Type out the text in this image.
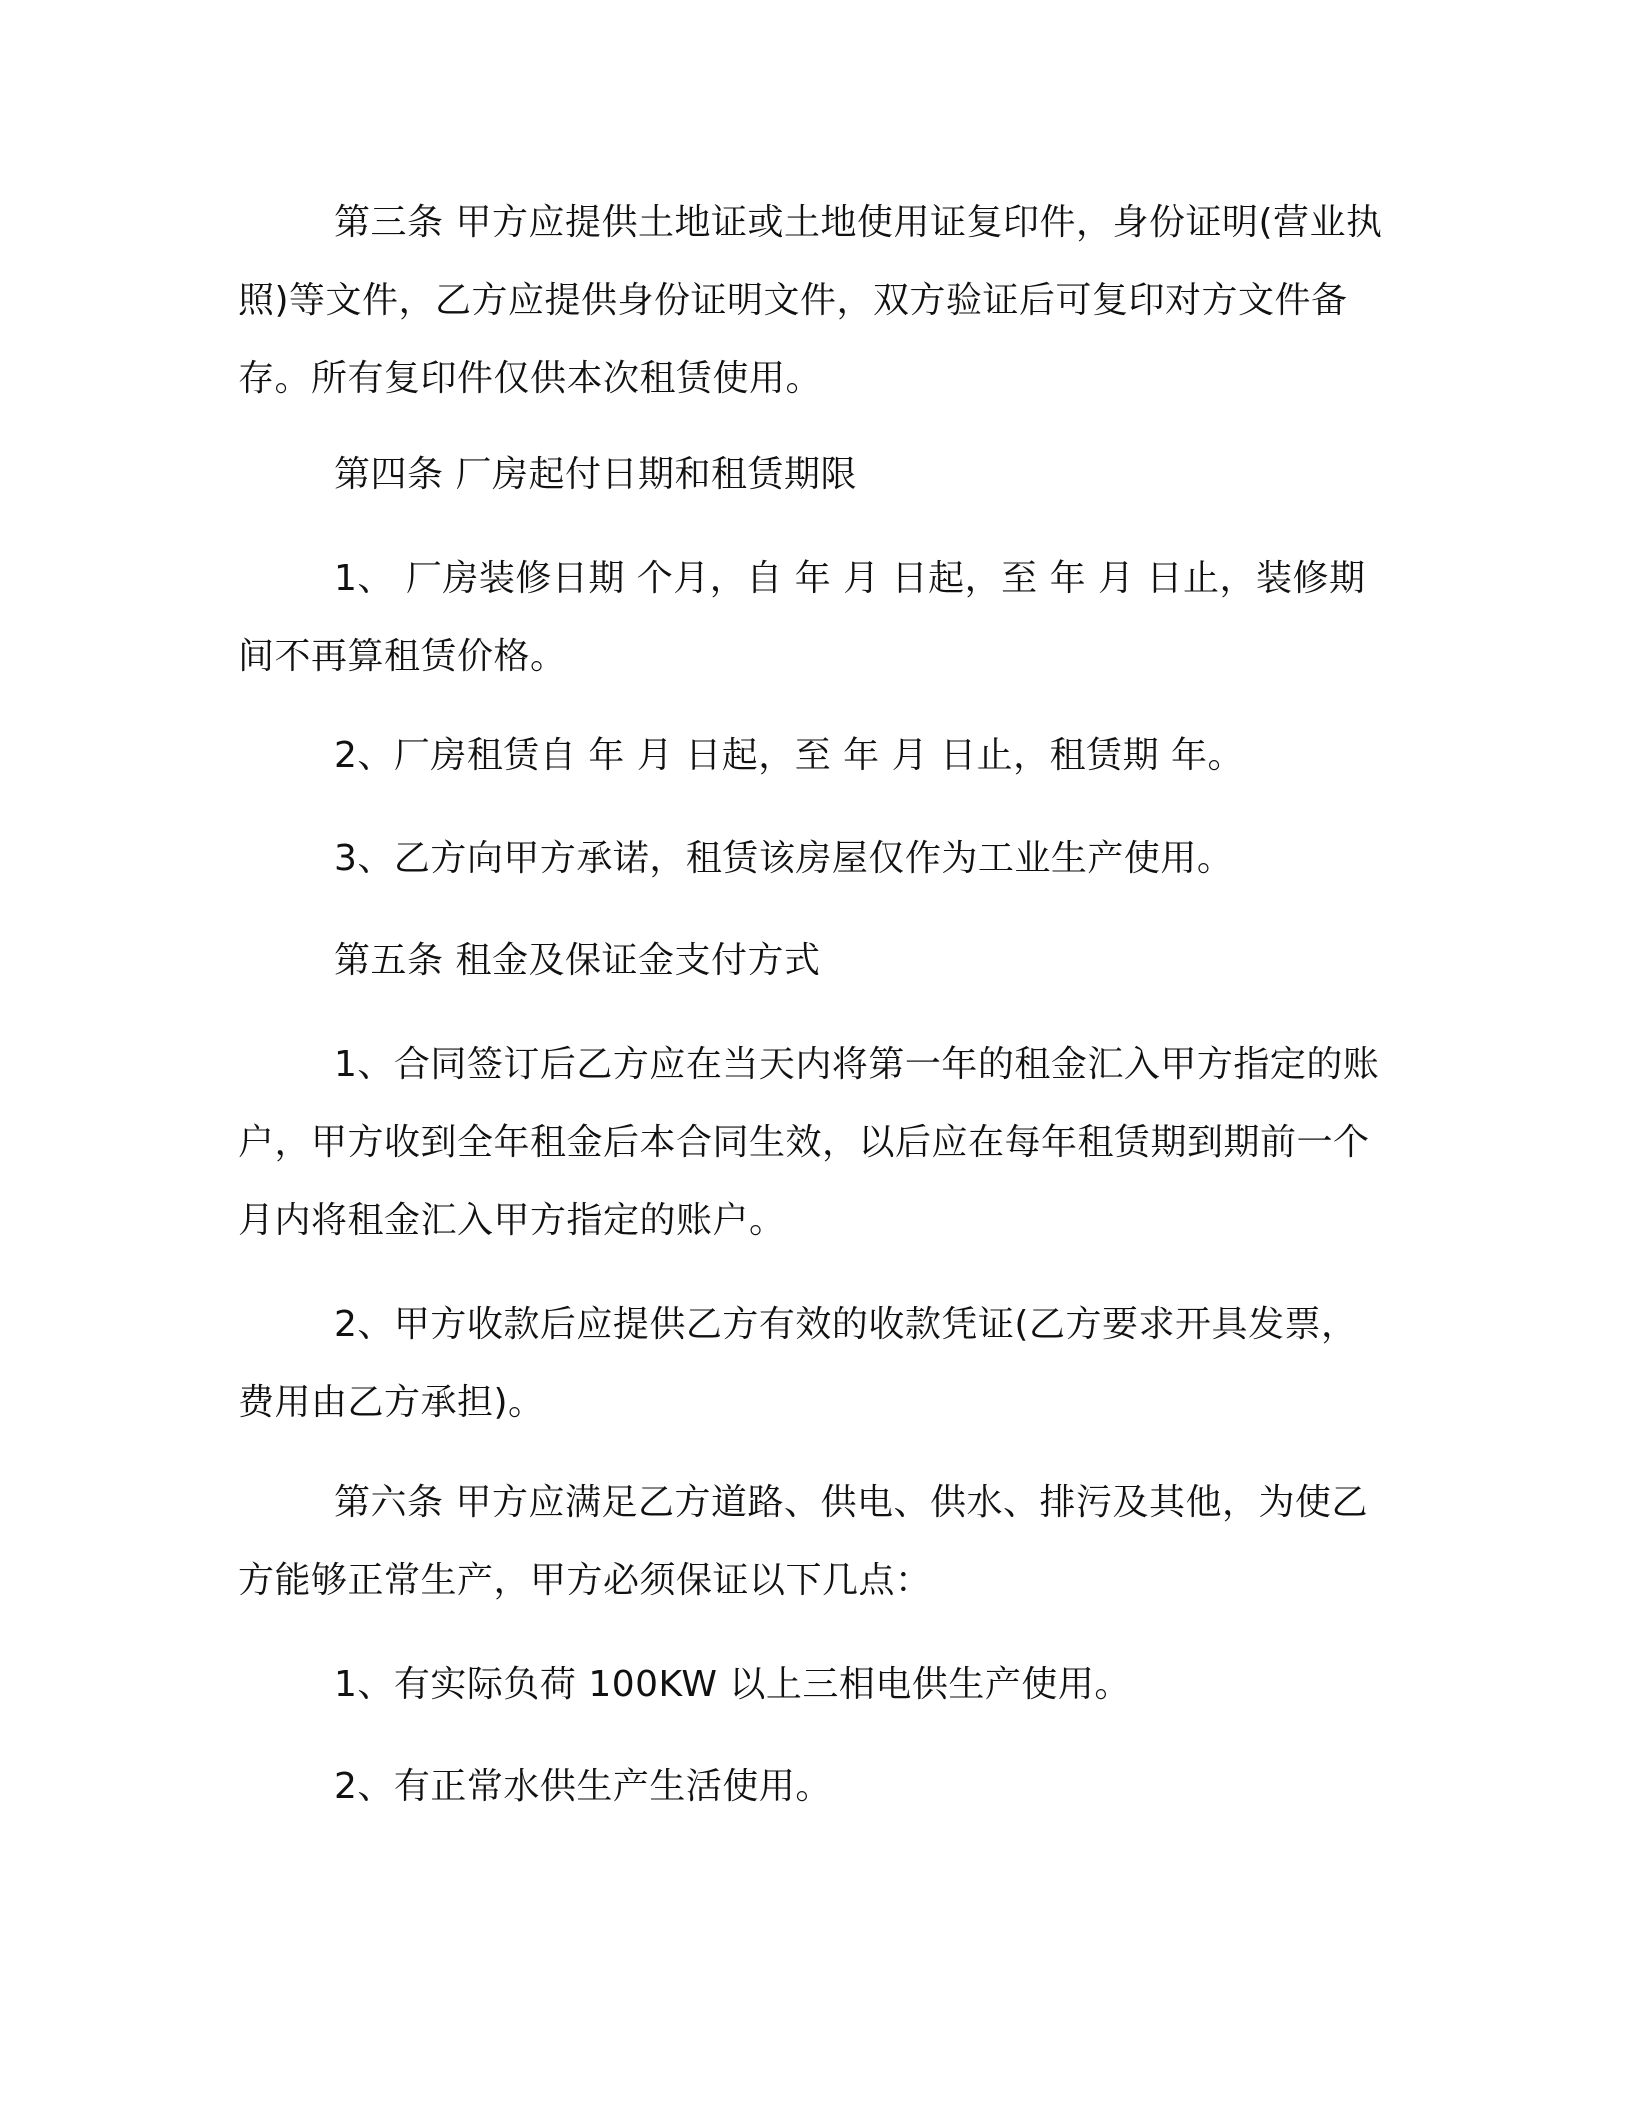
第三条 甲方应提供土地证或土地使用证复印件，身份证明(营业执照)等文件，乙方应提供身份证明文件，双方验证后可复印对方文件备存。所有复印件仅供本次租赁使用。

第四条 厂房起付日期和租赁期限

1、 厂房装修日期 个月，自 年 月 日起，至 年 月 日止，装修期间不再算租赁价格。

2、厂房租赁自 年 月 日起，至 年 月 日止，租赁期 年。

3、乙方向甲方承诺，租赁该房屋仅作为工业生产使用。

第五条 租金及保证金支付方式

1、合同签订后乙方应在当天内将第一年的租金汇入甲方指定的账户，甲方收到全年租金后本合同生效，以后应在每年租赁期到期前一个月内将租金汇入甲方指定的账户。

2、甲方收款后应提供乙方有效的收款凭证(乙方要求开具发票，费用由乙方承担)。

第六条 甲方应满足乙方道路、供电、供水、排污及其他，为使乙方能够正常生产，甲方必须保证以下几点：

1、有实际负荷 100KW 以上三相电供生产使用。

2、有正常水供生产生活使用。
